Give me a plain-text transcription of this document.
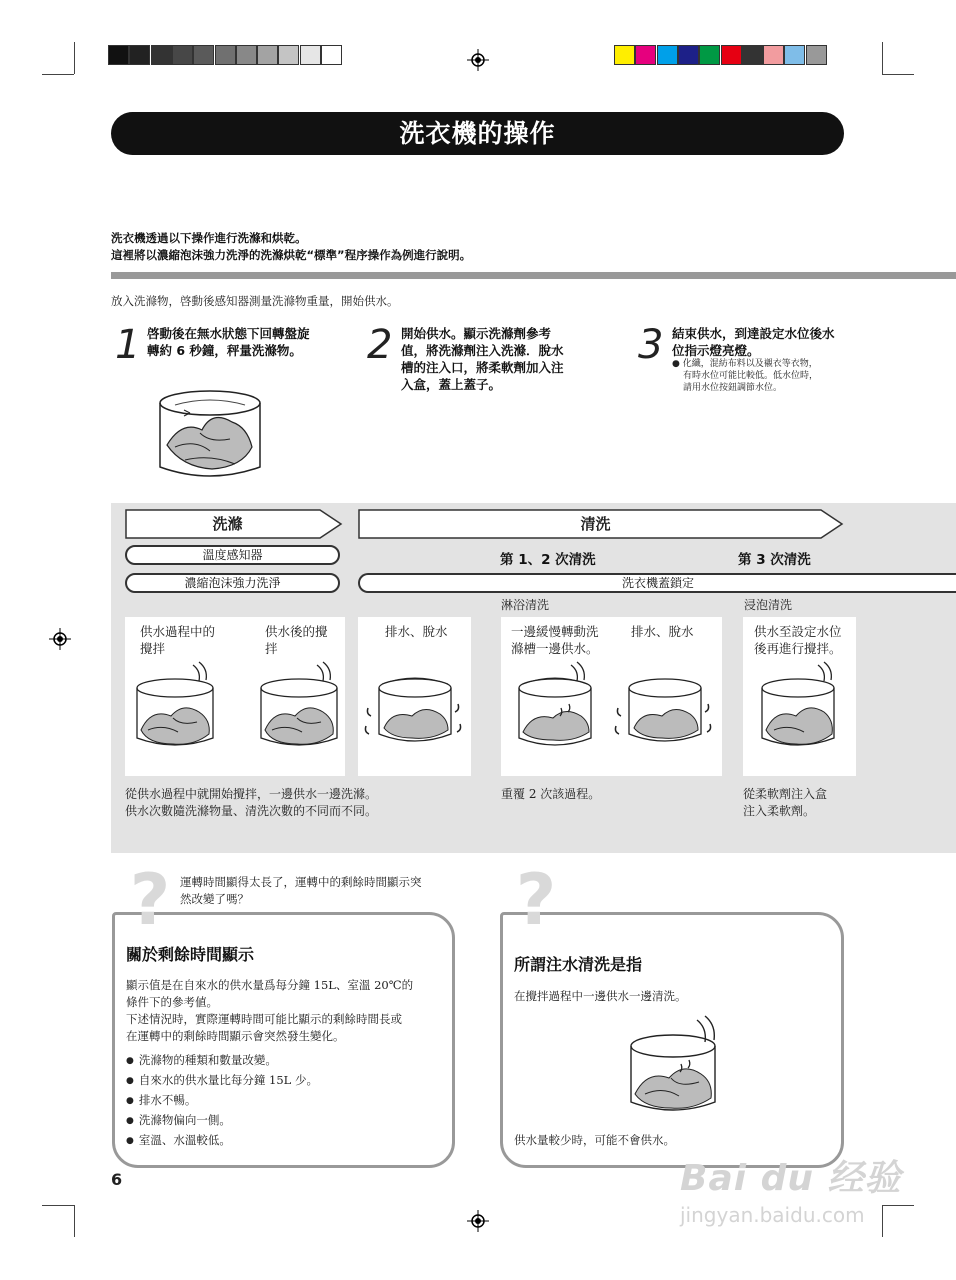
洗衣機的操作
洗衣機透過以下操作進行洗滌和烘乾。
這裡將以濃縮泡沫強力洗淨的洗滌烘乾“標準”程序操作為例進行說明。
放入洗滌物，啓動後感知器測量洗滌物重量，開始供水。
1 啓動後在無水狀態下回轉盤旋
轉約 6 秒鐘，秤量洗滌物。 2 開始供水。顯示洗滌劑參考
值，將洗滌劑注入洗滌．脫水
槽的注入口，將柔軟劑加入注
入盒，蓋上蓋子。
3 結束供水，到達設定水位後水
位指示燈亮燈。
● 化纖，混紡布料以及襯衣等衣物，
有時水位可能比較低。低水位時，
請用水位按鈕調節水位。
洗滌	清洗
第 1、2 次清洗	第 3 次清洗
溫度感知器
濃縮泡沫強力洗淨	洗衣機蓋鎖定
淋浴清洗	浸泡清洗
供水過程中的
攪拌
供水後的攪
拌
排水、脫水	一邊緩慢轉動洗
滌槽一邊供水。
排水、脫水	供水至設定水位
後再進行攪拌。
從供水過程中就開始攪拌，一邊供水一邊洗滌。
供水次數隨洗滌物量、清洗次數的不同而不同。
重覆 2 次該過程。	從柔軟劑注入盒
注入柔軟劑。
? 運轉時間顯得太長了，運轉中的剩餘時間顯示突
然改變了嗎？
關於剩餘時間顯示
顯示值是在自來水的供水量爲每分鐘 15L、室溫 20℃的
條件下的參考値。
下述情況時，實際運轉時間可能比顯示的剩餘時間長或
在運轉中的剩餘時間顯示會突然發生變化。
● 洗滌物的種類和數量改變。
● 自來水的供水量比每分鐘 15L 少。
● 排水不暢。
● 洗滌物偏向一側。
● 室溫、水溫較低。
?
所謂注水清洗是指
在攪拌過程中一邊供水一邊清洗。
供水量較少時，可能不會供水。
6	Bai du 经验
jingyan.baidu.com
